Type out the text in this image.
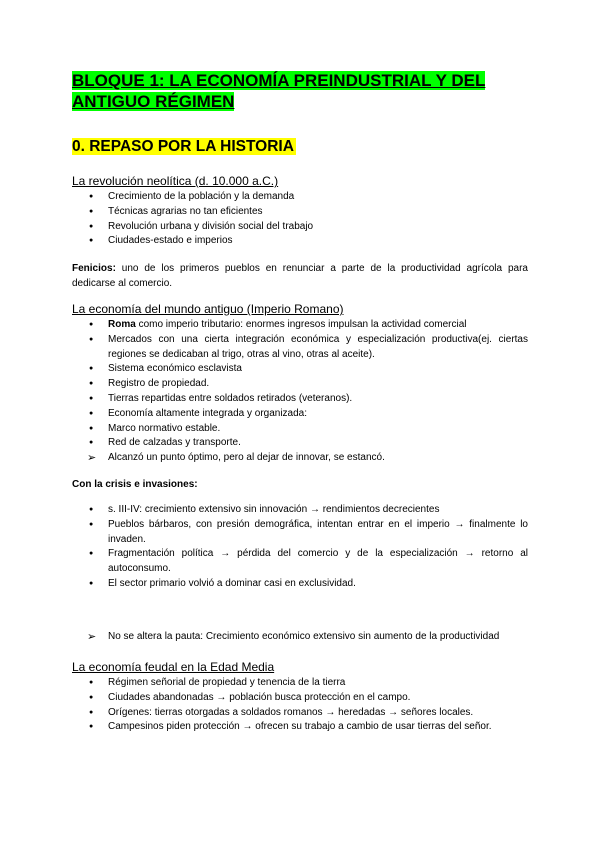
BLOQUE 1: LA ECONOMÍA PREINDUSTRIAL Y DEL ANTIGUO RÉGIMEN
0. REPASO POR LA HISTORIA
La revolución neolítica (d. 10.000 a.C.)
● Crecimiento de la población y la demanda
● Técnicas agrarias no tan eficientes
● Revolución urbana y división social del trabajo
● Ciudades-estado e imperios
Fenicios: uno de los primeros pueblos en renunciar a parte de la productividad agrícola para dedicarse al comercio.
La economía del mundo antiguo (Imperio Romano)
● Roma como imperio tributario: enormes ingresos impulsan la actividad comercial
● Mercados con una cierta integración económica y especialización productiva(ej. ciertas regiones se dedicaban al trigo, otras al vino, otras al aceite).
● Sistema económico esclavista
● Registro de propiedad.
● Tierras repartidas entre soldados retirados (veteranos).
● Economía altamente integrada y organizada:
● Marco normativo estable.
● Red de calzadas y transporte.
➢ Alcanzó un punto óptimo, pero al dejar de innovar, se estancó.
Con la crisis e invasiones:
● s. III-IV: crecimiento extensivo sin innovación → rendimientos decrecientes
● Pueblos bárbaros, con presión demográfica, intentan entrar en el imperio → finalmente lo invaden.
● Fragmentación política → pérdida del comercio y de la especialización → retorno al autoconsumo.
● El sector primario volvió a dominar casi en exclusividad.
➢ No se altera la pauta: Crecimiento económico extensivo sin aumento de la productividad
La economía feudal en la Edad Media
● Régimen señorial de propiedad y tenencia de la tierra
● Ciudades abandonadas → población busca protección en el campo.
● Orígenes: tierras otorgadas a soldados romanos → heredadas → señores locales.
● Campesinos piden protección → ofrecen su trabajo a cambio de usar tierras del señor.
